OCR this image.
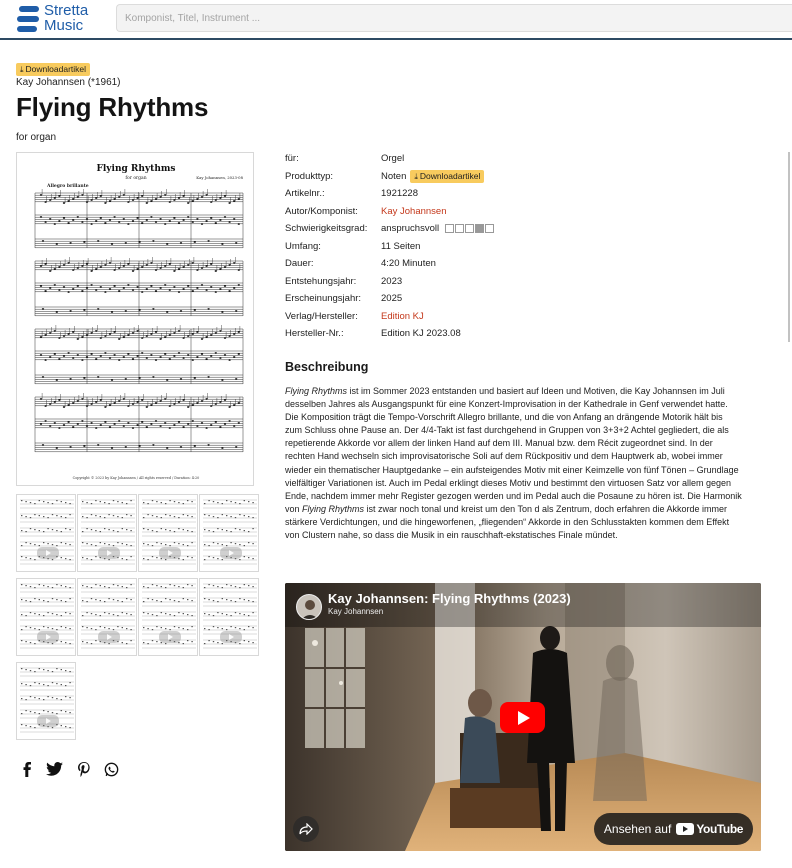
Stretta
Music
Komponist, Titel, Instrument ...
⤓ Downloadartikel
Kay Johannsen (*1961)
Flying Rhythms
for organ
Flying Rhythms
for organ
Allegro brillante
Kay Johannsen, 2023-08
Copyright © 2023 by Kay Johannsen / All rights reserved / Duration: 4:20
für:	Orgel
Produkttyp:	Noten ⤓ Downloadartikel
Artikelnr.:	1921228
Autor/Komponist: Kay Johannsen
Schwierigkeitsgrad: anspruchsvoll
Umfang:	11 Seiten
Dauer:	4:20 Minuten
Entstehungsjahr:	2023
Erscheinungsjahr: 2025
Verlag/Hersteller: Edition KJ
Hersteller-Nr.:	Edition KJ 2023.08
Beschreibung
Flying Rhythms ist im Sommer 2023 entstanden und basiert auf Ideen und Motiven, die Kay Johannsen im Juli
desselben Jahres als Ausgangspunkt für eine Konzert-Improvisation in der Kathedrale in Genf verwendet hatte.
Die Komposition trägt die Tempo-Vorschrift Allegro brillante, und die von Anfang an drängende Motorik hält bis
zum Schluss ohne Pause an. Der 4/4-Takt ist fast durchgehend in Gruppen von 3+3+2 Achtel gegliedert, die als
repetierende Akkorde vor allem der linken Hand auf dem III. Manual bzw. dem Récit zugeordnet sind. In der
rechten Hand wechseln sich improvisatorische Soli auf dem Rückpositiv und dem Hauptwerk ab, wobei immer
wieder ein thematischer Hauptgedanke – ein aufsteigendes Motiv mit einer Keimzelle von fünf Tönen – Grundlage
vielfältiger Variationen ist. Auch im Pedal erklingt dieses Motiv und bestimmt den virtuosen Satz vor allem gegen
Ende, nachdem immer mehr Register gezogen werden und im Pedal auch die Posaune zu hören ist. Die Harmonik
von Flying Rhythms ist zwar noch tonal und kreist um den Ton d als Zentrum, doch erfahren die Akkorde immer
stärkere Verdichtungen, und die hingeworfenen, „fliegenden“ Akkorde in den Schlusstakten kommen dem Effekt
von Clustern nahe, so dass die Musik in ein rauschhaft-ekstatisches Finale mündet.
Kay Johannsen: Flying Rhythms (2023)
Kay Johannsen
Ansehen auf YouTube
